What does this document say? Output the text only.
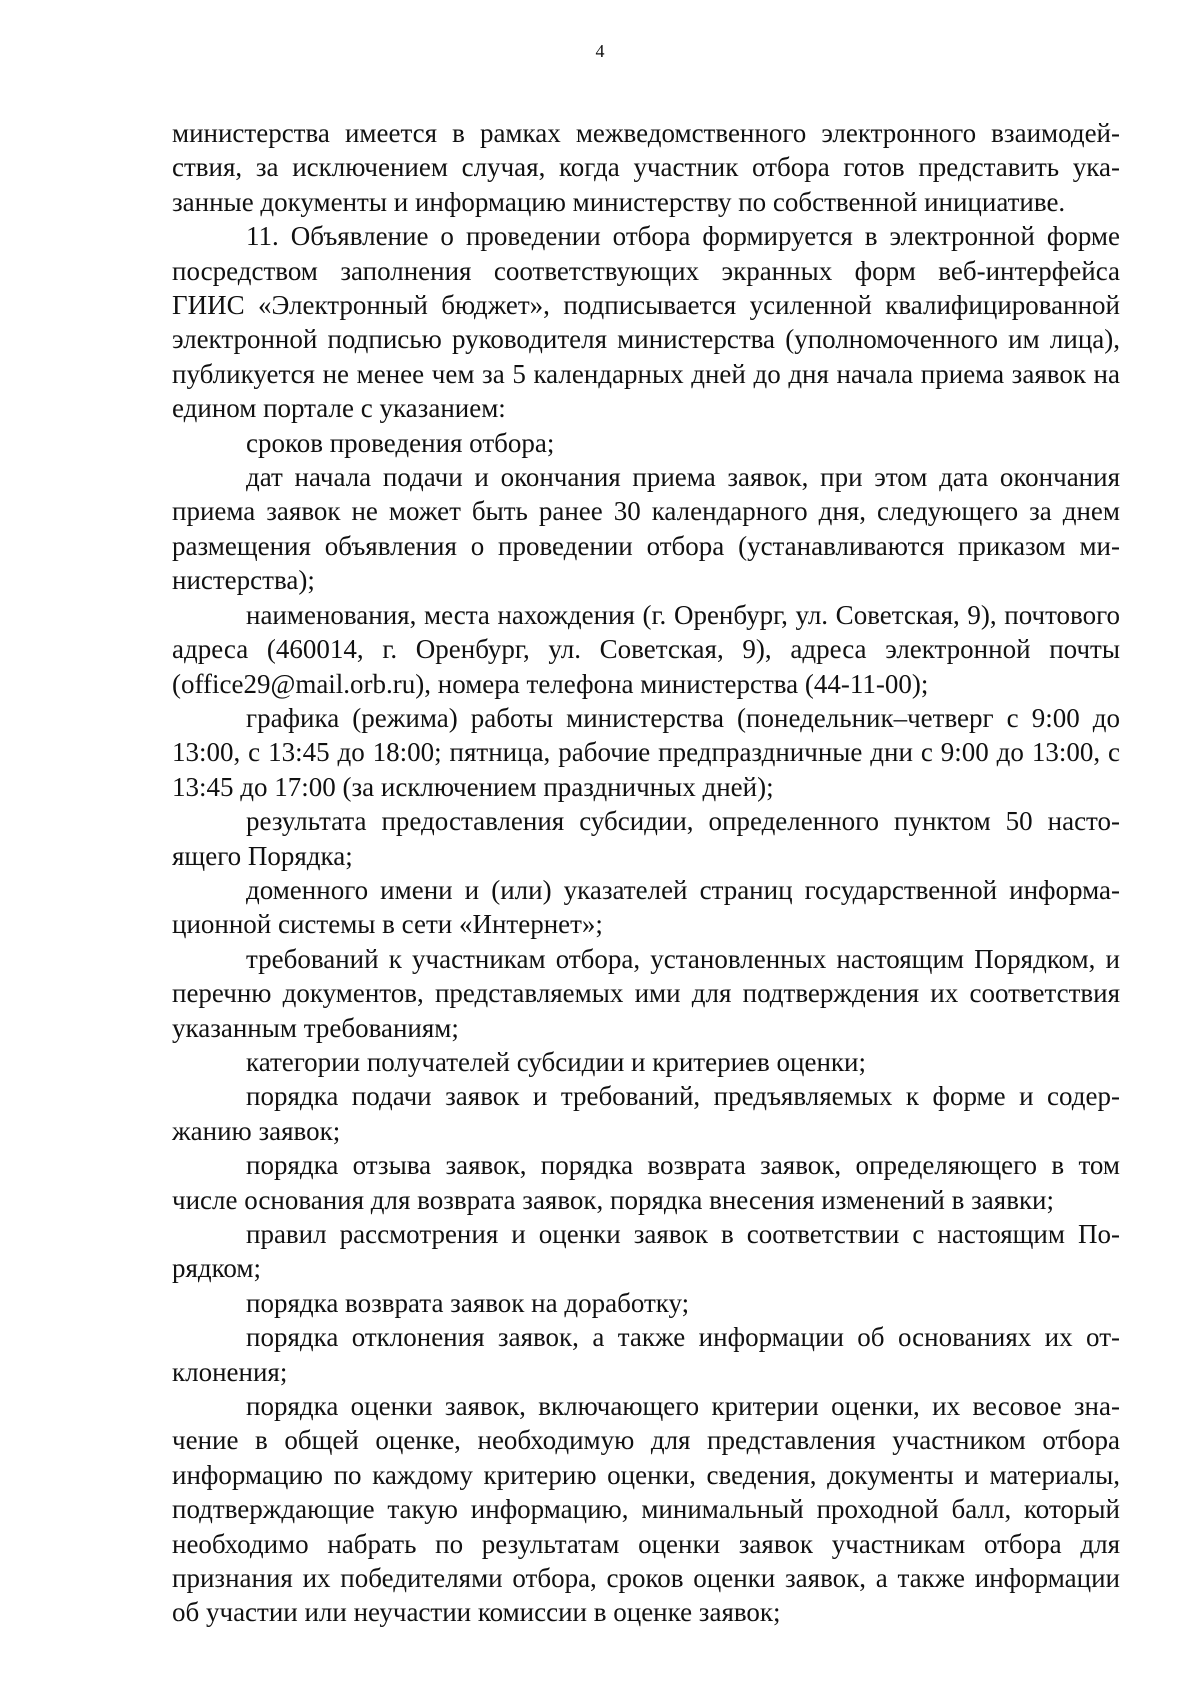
4

министерства имеется в рамках межведомственного электронного взаимодействия, за исключением случая, когда участник отбора готов представить указанные документы и информацию министерству по собственной инициативе.

11. Объявление о проведении отбора формируется в электронной форме посредством заполнения соответствующих экранных форм веб-интерфейса ГИИС «Электронный бюджет», подписывается усиленной квалифицированной электронной подписью руководителя министерства (уполномоченного им лица), публикуется не менее чем за 5 календарных дней до дня начала приема заявок на едином портале с указанием:

сроков проведения отбора;

дат начала подачи и окончания приема заявок, при этом дата окончания приема заявок не может быть ранее 30 календарного дня, следующего за днем размещения объявления о проведении отбора (устанавливаются приказом министерства);

наименования, места нахождения (г. Оренбург, ул. Советская, 9), почтового адреса (460014, г. Оренбург, ул. Советская, 9), адреса электронной почты (office29@mail.orb.ru), номера телефона министерства (44-11-00);

графика (режима) работы министерства (понедельник–четверг с 9:00 до 13:00, с 13:45 до 18:00; пятница, рабочие предпраздничные дни с 9:00 до 13:00, с 13:45 до 17:00 (за исключением праздничных дней);

результата предоставления субсидии, определенного пунктом 50 настоящего Порядка;

доменного имени и (или) указателей страниц государственной информационной системы в сети «Интернет»;

требований к участникам отбора, установленных настоящим Порядком, и перечню документов, представляемых ими для подтверждения их соответствия указанным требованиям;

категории получателей субсидии и критериев оценки;

порядка подачи заявок и требований, предъявляемых к форме и содержанию заявок;

порядка отзыва заявок, порядка возврата заявок, определяющего в том числе основания для возврата заявок, порядка внесения изменений в заявки;

правил рассмотрения и оценки заявок в соответствии с настоящим Порядком;

порядка возврата заявок на доработку;

порядка отклонения заявок, а также информации об основаниях их отклонения;

порядка оценки заявок, включающего критерии оценки, их весовое значение в общей оценке, необходимую для представления участником отбора информацию по каждому критерию оценки, сведения, документы и материалы, подтверждающие такую информацию, минимальный проходной балл, который необходимо набрать по результатам оценки заявок участникам отбора для признания их победителями отбора, сроков оценки заявок, а также информации об участии или неучастии комиссии в оценке заявок;
